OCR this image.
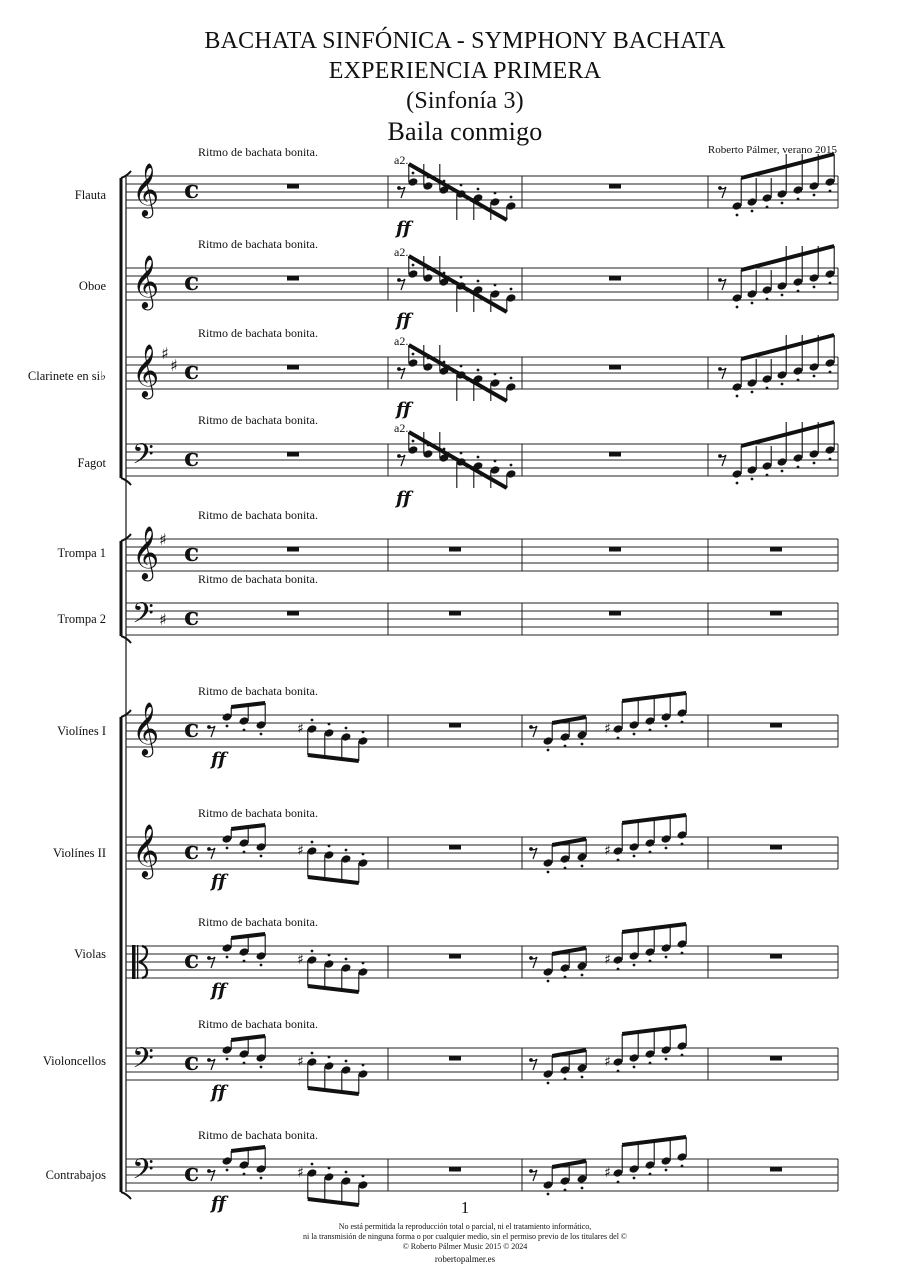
BACHATA SINFÓNICA - SYMPHONY BACHATA
EXPERIENCIA PRIMERA
(Sinfonía 3)
Baila conmigo
Roberto Pálmer, verano 2015
Flauta
Oboe
Clarinete en si♭
Fagot
Trompa 1
Trompa 2
Violínes I
Violínes II
Violas
Violoncellos
Contrabajos
𝄞 c
Ritmo de bachata bonita.
𝄞 c
Ritmo de bachata bonita.
𝄞 ♯
♯ c
Ritmo de bachata bonita.
𝄢 c
Ritmo de bachata bonita.
𝄞 ♯ c
Ritmo de bachata bonita.
𝄢 ♯ c
Ritmo de bachata bonita.
𝄞 c
Ritmo de bachata bonita.
𝄞 c
Ritmo de bachata bonita.
c
Ritmo de bachata bonita.
𝄢 c
Ritmo de bachata bonita.
𝄢 c
Ritmo de bachata bonita.
a2.
ff
a2.
ff
a2.
ff
a2.
ff
♯
ff
♯
♯
ff
♯
♯
ff
♯
♯
ff
♯
♯
ff
♯
1
No está permitida la reproducción total o parcial, ni el tratamiento informático,
ni la transmisión de ninguna forma o por cualquier medio, sin el permiso previo de los titulares del ©
© Roberto Pálmer Music 2015 © 2024
robertopalmer.es
